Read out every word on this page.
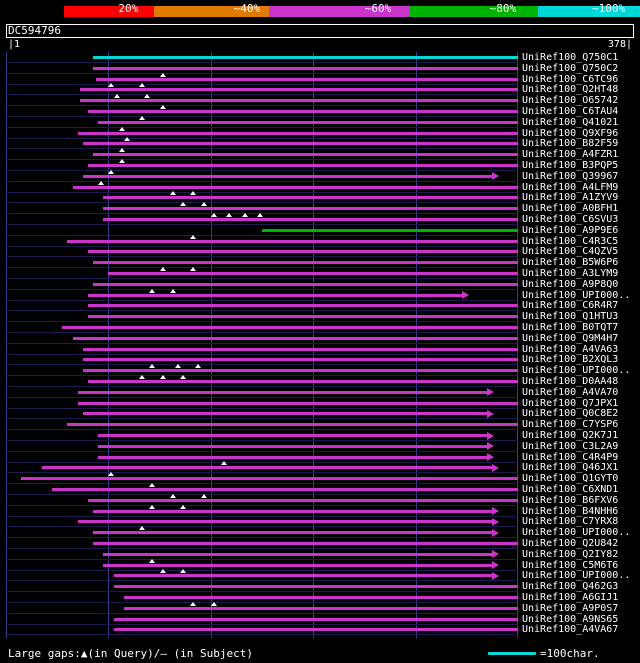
20%	~40%	~60%	~80%	~100%
DC594796
|1	378|
UniRef100_Q750C1
UniRef100_Q750C2
UniRef100_C6TC96
UniRef100_Q2HT48
UniRef100_O65742
UniRef100_C6TAU4
UniRef100_Q41021
UniRef100_Q9XF96
UniRef100_B82F59
UniRef100_A4FZR1
UniRef100_B3PQP5
UniRef100_Q39967
UniRef100_A4LFM9
UniRef100_A1ZYV9
UniRef100_A0BFH1
UniRef100_C6SVU3
UniRef100_A9P9E6
UniRef100_C4R3C5
UniRef100_C4QZV5
UniRef100_B5W6P6
UniRef100_A3LYM9
UniRef100_A9P8Q0
UniRef100_UPI000..
UniRef100_C6R4R7
UniRef100_Q1HTU3
UniRef100_B0TQT7
UniRef100_Q9M4H7
UniRef100_A4VA63
UniRef100_B2XQL3
UniRef100_UPI000..
UniRef100_D0AA48
UniRef100_A4VA70
UniRef100_Q7JPX1
UniRef100_Q0C8E2
UniRef100_C7YSP6
UniRef100_Q2K7J1
UniRef100_C3L2A9
UniRef100_C4R4P9
UniRef100_Q46JX1
UniRef100_Q1GYT0
UniRef100_C6XND1
UniRef100_B6FXV6
UniRef100_B4NHH6
UniRef100_C7YRX8
UniRef100_UPI000..
UniRef100_Q2U842
UniRef100_Q2IY82
UniRef100_C5M6T6
UniRef100_UPI000..
UniRef100_Q462G3
UniRef100_A6GIJ1
UniRef100_A9P0S7
UniRef100_A9NS65
UniRef100_A4VA67
Large gaps:▲(in Query)/– (in Subject)	=100char.
